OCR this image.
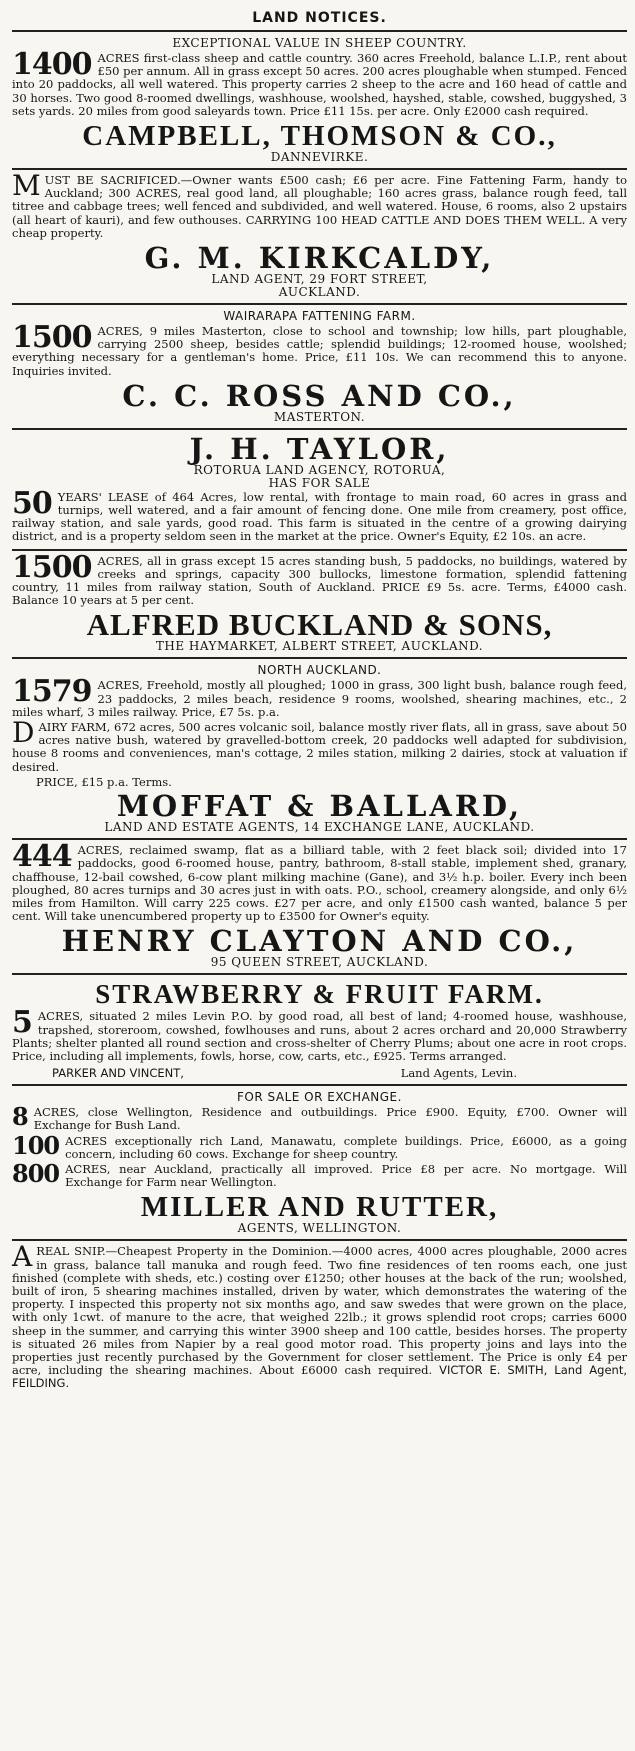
LAND NOTICES.
EXCEPTIONAL VALUE IN SHEEP COUNTRY.
1400 ACRES first-class sheep and cattle country. 360 acres Freehold, balance L.I.P., rent about £50 per annum. All in grass except 50 acres. 200 acres ploughable when stumped. Fenced into 20 paddocks, all well watered. This property carries 2 sheep to the acre and 160 head of cattle and 30 horses. Two good 8-roomed dwellings, washhouse, woolshed, hayshed, stable, cowshed, buggyshed, 3 sets yards. 20 miles from good saleyards town. Price £11 15s. per acre. Only £2000 cash required.
CAMPBELL, THOMSON & CO.,
DANNEVIRKE.
M UST BE SACRIFICED.—Owner wants £500 cash; £6 per acre. Fine Fattening Farm, handy to Auckland; 300 ACRES, real good land, all ploughable; 160 acres grass, balance rough feed, tall titree and cabbage trees; well fenced and subdivided, and well watered. House, 6 rooms, also 2 upstairs (all heart of kauri), and few outhouses. CARRYING 100 HEAD CATTLE AND DOES THEM WELL. A very cheap property.
G. M. KIRKCALDY,
LAND AGENT, 29 FORT STREET,
AUCKLAND.
WAIRARAPA FATTENING FARM.
1500 ACRES, 9 miles Masterton, close to school and township; low hills, part ploughable, carrying 2500 sheep, besides cattle; splendid buildings; 12-roomed house, woolshed; everything necessary for a gentleman's home. Price, £11 10s. We can recommend this to anyone. Inquiries invited.
C. C. ROSS AND CO.,
MASTERTON.
J. H. TAYLOR,
ROTORUA LAND AGENCY, ROTORUA,
HAS FOR SALE
50 YEARS' LEASE of 464 Acres, low rental, with frontage to main road, 60 acres in grass and turnips, well watered, and a fair amount of fencing done. One mile from creamery, post office, railway station, and sale yards, good road. This farm is situated in the centre of a growing dairying district, and is a property seldom seen in the market at the price. Owner's Equity, £2 10s. an acre.
1500 ACRES, all in grass except 15 acres standing bush, 5 paddocks, no buildings, watered by creeks and springs, capacity 300 bullocks, limestone formation, splendid fattening country, 11 miles from railway station, South of Auckland. PRICE £9 5s. acre. Terms, £4000 cash. Balance 10 years at 5 per cent.
ALFRED BUCKLAND & SONS,
THE HAYMARKET, ALBERT STREET, AUCKLAND.
NORTH AUCKLAND.
1579 ACRES, Freehold, mostly all ploughed; 1000 in grass, 300 light bush, balance rough feed, 23 paddocks, 2 miles beach, residence 9 rooms, woolshed, shearing machines, etc., 2 miles wharf, 3 miles railway. Price, £7 5s. p.a.
D AIRY FARM, 672 acres, 500 acres volcanic soil, balance mostly river flats, all in grass, save about 50 acres native bush, watered by gravelled-bottom creek, 20 paddocks well adapted for subdivision, house 8 rooms and conveniences, man's cottage, 2 miles station, milking 2 dairies, stock at valuation if desired.
PRICE, £15 p.a. Terms.
MOFFAT & BALLARD,
LAND AND ESTATE AGENTS, 14 EXCHANGE LANE, AUCKLAND.
444 ACRES, reclaimed swamp, flat as a billiard table, with 2 feet black soil; divided into 17 paddocks, good 6-roomed house, pantry, bathroom, 8-stall stable, implement shed, granary, chaffhouse, 12-bail cowshed, 6-cow plant milking machine (Gane), and 3½ h.p. boiler. Every inch been ploughed, 80 acres turnips and 30 acres just in with oats. P.O., school, creamery alongside, and only 6½ miles from Hamilton. Will carry 225 cows. £27 per acre, and only £1500 cash wanted, balance 5 per cent. Will take unencumbered property up to £3500 for Owner's equity.
HENRY CLAYTON AND CO.,
95 QUEEN STREET, AUCKLAND.
STRAWBERRY & FRUIT FARM.
5 ACRES, situated 2 miles Levin P.O. by good road, all best of land; 4-roomed house, washhouse, trapshed, storeroom, cowshed, fowlhouses and runs, about 2 acres orchard and 20,000 Strawberry Plants; shelter planted all round section and cross-shelter of Cherry Plums; about one acre in root crops. Price, including all implements, fowls, horse, cow, carts, etc., £925. Terms arranged.
PARKER AND VINCENT,	Land Agents, Levin.
FOR SALE OR EXCHANGE.
8 ACRES, close Wellington, Residence and outbuildings. Price £900. Equity, £700. Owner will Exchange for Bush Land.
100 ACRES exceptionally rich Land, Manawatu, complete buildings. Price, £6000, as a going concern, including 60 cows. Exchange for sheep country.
800 ACRES, near Auckland, practically all improved. Price £8 per acre. No mortgage. Will Exchange for Farm near Wellington.
MILLER AND RUTTER,
AGENTS, WELLINGTON.
A REAL SNIP.—Cheapest Property in the Dominion.—4000 acres, 4000 acres ploughable, 2000 acres in grass, balance tall manuka and rough feed. Two fine residences of ten rooms each, one just finished (complete with sheds, etc.) costing over £1250; other houses at the back of the run; woolshed, built of iron, 5 shearing machines installed, driven by water, which demonstrates the watering of the property. I inspected this property not six months ago, and saw swedes that were grown on the place, with only 1cwt. of manure to the acre, that weighed 22lb.; it grows splendid root crops; carries 6000 sheep in the summer, and carrying this winter 3900 sheep and 100 cattle, besides horses. The property is situated 26 miles from Napier by a real good motor road. This property joins and lays into the properties just recently purchased by the Government for closer settlement. The Price is only £4 per acre, including the shearing machines. About £6000 cash required. VICTOR E. SMITH, Land Agent, FEILDING.
